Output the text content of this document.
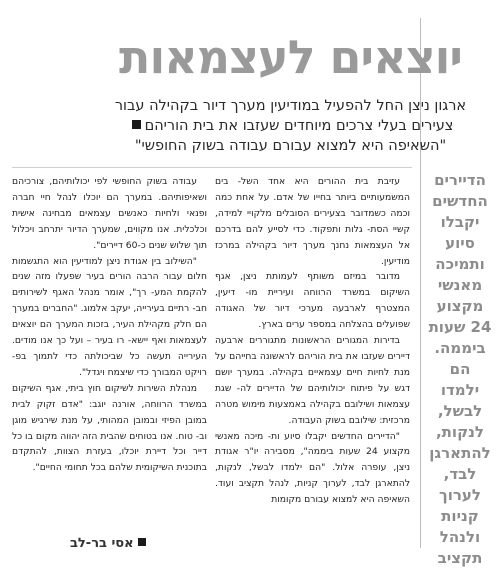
יוצאים לעצמאות
ארגון ניצן החל להפעיל במודיעין מערך דיור בקהילה עבור
צעירים בעלי צרכים מיוחדים שעזבו את בית הוריהם
"השאיפה היא למצוא עבורם עבודה בשוק החופשי"

הדיירים החדשים יקבלו סיוע ותמיכה מאנשי מקצוע 24 שעות ביממה. הם ילמדו לבשל, לנקות, להתארגן לבד, לערוך קניות ולנהל תקציב

עזיבת בית ההורים היא אחד השל- בים המשמעותיים ביותר בחייו של אדם. על אחת כמה וכמה כשמדובר בצעירים הסובלים מלקויי למידה, קשיי הסת- גלות ותפקוד. כדי לסייע להם בדרכם אל העצמאות נחנך מערך דיור בקהילה במרכז מודיעין.

מדובר במיזם משותף לעמותת ניצן, אגף השיקום במשרד הרווחה ועיריית מו- דיעין, המצטרף לארבעה מערכי דיור של האגודה שפועלים בהצלחה במספר ערים בארץ.

בדירות המגורים הראשונות מתגוררים ארבעה דיירים שעזבו את בית הוריהם לראשונה בחייהם על מנת לחיות חיים עצמאיים בקהילה. במערך יושם דגש על פיתוח יכולותיהם של הדיירים לה- שגת עצמאות ושילובם בקהילה באמצעות מימוש מטרה מרכזית: שילובם בשוק העבודה.

"הדיירים החדשים יקבלו סיוע ות- מיכה מאנשי מקצוע 24 שעות ביממה", מסבירה יו"ר אגודת ניצן, עופרה אלול. "הם ילמדו לבשל, לנקות, להתארגן לבד, לערוך קניות, לנהל תקציב ועוד. השאיפה היא למצוא עבורם מקומות

עבודה בשוק החופשי לפי יכולותיהם, צורכיהם ושאיפותיהם. במערך הם יוכלו לנהל חיי חברה ופנאי ולחיות כאנשים עצמאים מבחינה אישית וכלכלית. אנו מקווים, שמערך הדיור יתרחב ויכלול תוך שלוש שנים כ-60 דיירים".

"השילוב בין אגודת ניצן למודיעין הוא התגשמות חלום עבור הרבה הורים בעיר שפעלו מזה שנים להקמת המע- רך", אומר מנהל האגף לשירותים חב- רתיים בעירייה, יעקב אלמוג. "החברים במערך הם חלק מקהילת העיר, בזכות המערך הם יוצאים לעצמאות ואף יישא- רו בעיר – ועל כך אנו מודים. העירייה תעשה כל שביכולתה כדי לתמוך בפ- רויקט המבורך כדי שיצמח ויגדל".

מנהלת השירות לשיקום חוץ ביתי, אגף השיקום במשרד הרווחה, אורנה יוגב: "אדם זקוק לבית במובן הפיזי ובמובן המהותי, על מנת שירגיש מוגן וב- טוח. אנו בטוחים שהבית הזה יהווה מקום בו כל דייר וכל דיירת יוכלו, בעזרת הצוות, להתקדם בתוכנית השיקומית שלהם בכל תחומי החיים".

אסי בר-לב
